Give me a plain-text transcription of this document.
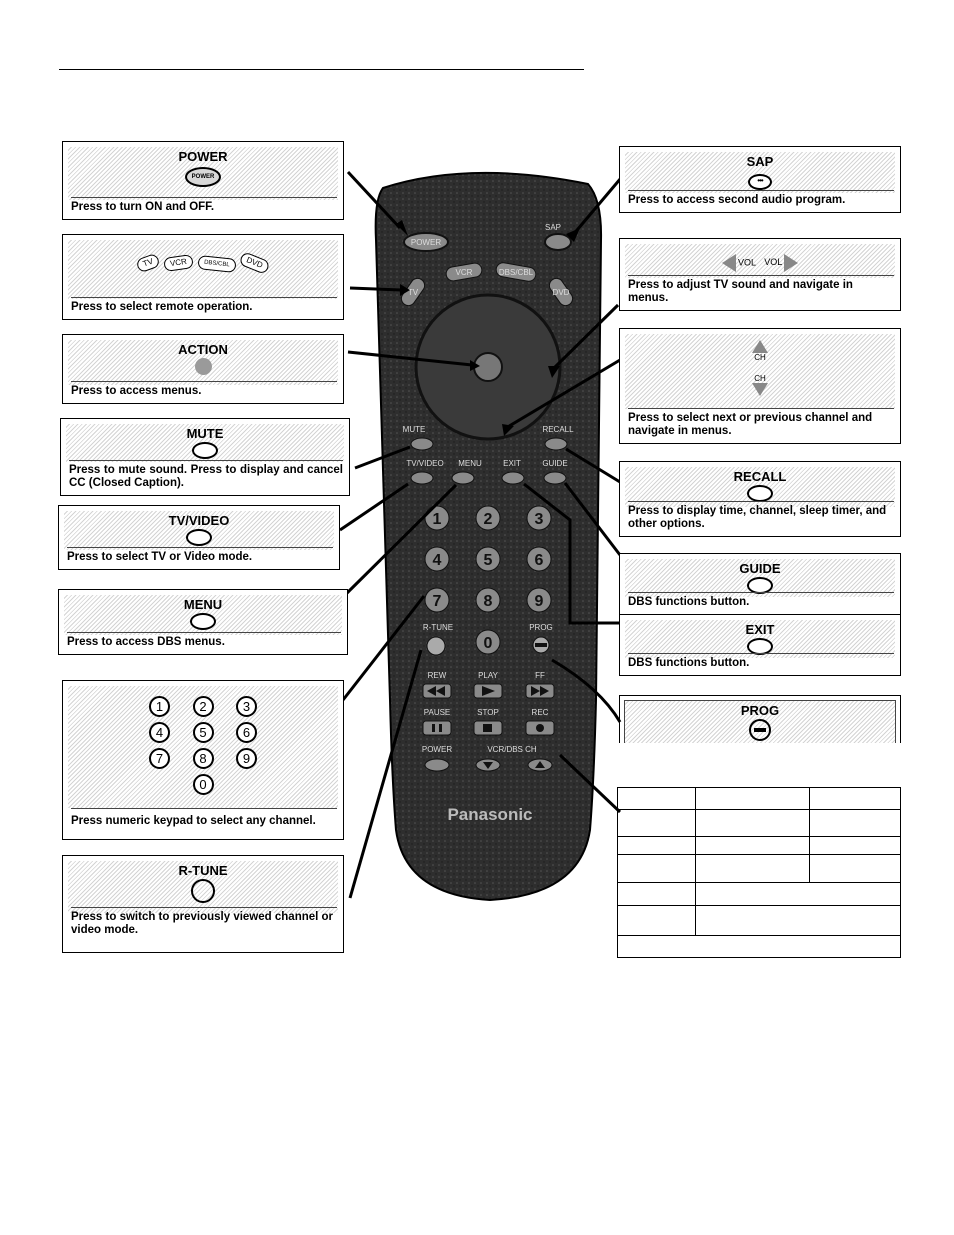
POWER
SAP
TV
VCR	DBS/CBL
DVD
MUTE	RECALL
TV/VIDEO MENU	EXIT	GUIDE
1	2	3
4	5	6
7	8	9
0
R-TUNE	PROG
REW	PLAY	FF
PAUSE	STOP	REC
POWER	VCR/DBS CH
Panasonic
POWER
POWER
Press to turn ON and OFF.
TV VCR	DBS/CBL DVD
Press to select remote operation.
ACTION
Press to access menus.
MUTE
Press to mute sound. Press to display and cancel CC (Closed Caption).
TV/VIDEO
Press to select TV or Video mode.
MENU
Press to access DBS menus.
1	2	3
4	5	6
7	8	9
0
Press numeric keypad to select any channel.
R-TUNE
Press to switch to previously viewed channel or video mode.
SAP
•••
Press to access second audio program.
VOL VOL
Press to adjust TV sound and navigate in menus.
CH
CH
Press to select next or previous channel and navigate in menus.
RECALL
Press to display time, channel, sleep timer, and other options.
GUIDE
DBS functions button.
EXIT
DBS functions button.
PROG
